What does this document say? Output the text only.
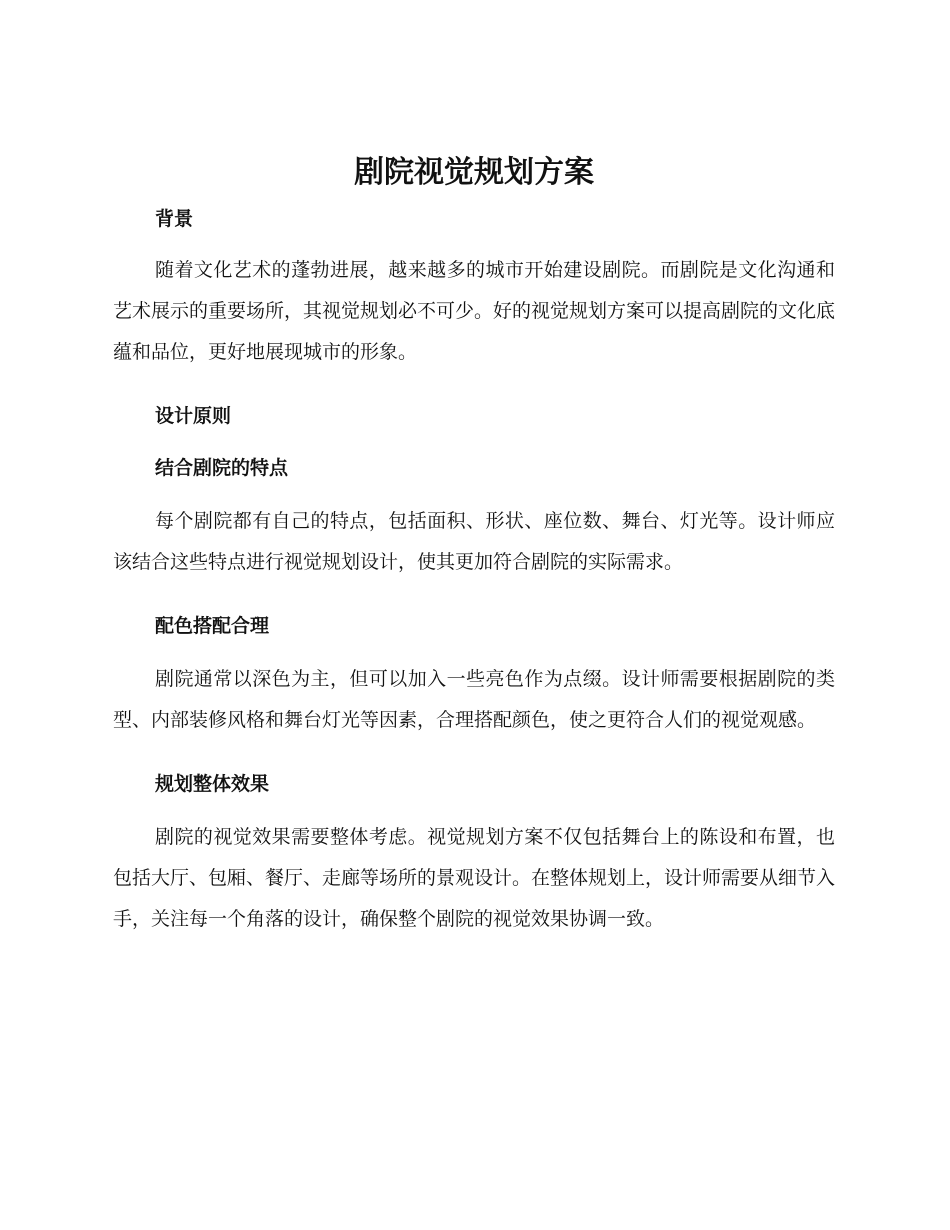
剧院视觉规划方案
背景

随着文化艺术的蓬勃进展，越来越多的城市开始建设剧院。而剧院是文化沟通和艺术展示的重要场所，其视觉规划必不可少。好的视觉规划方案可以提高剧院的文化底蕴和品位，更好地展现城市的形象。

设计原则
结合剧院的特点

每个剧院都有自己的特点，包括面积、形状、座位数、舞台、灯光等。设计师应该结合这些特点进行视觉规划设计，使其更加符合剧院的实际需求。

配色搭配合理

剧院通常以深色为主，但可以加入一些亮色作为点缀。设计师需要根据剧院的类型、内部装修风格和舞台灯光等因素，合理搭配颜色，使之更符合人们的视觉观感。

规划整体效果

剧院的视觉效果需要整体考虑。视觉规划方案不仅包括舞台上的陈设和布置，也包括大厅、包厢、餐厅、走廊等场所的景观设计。在整体规划上，设计师需要从细节入手，关注每一个角落的设计，确保整个剧院的视觉效果协调一致。
